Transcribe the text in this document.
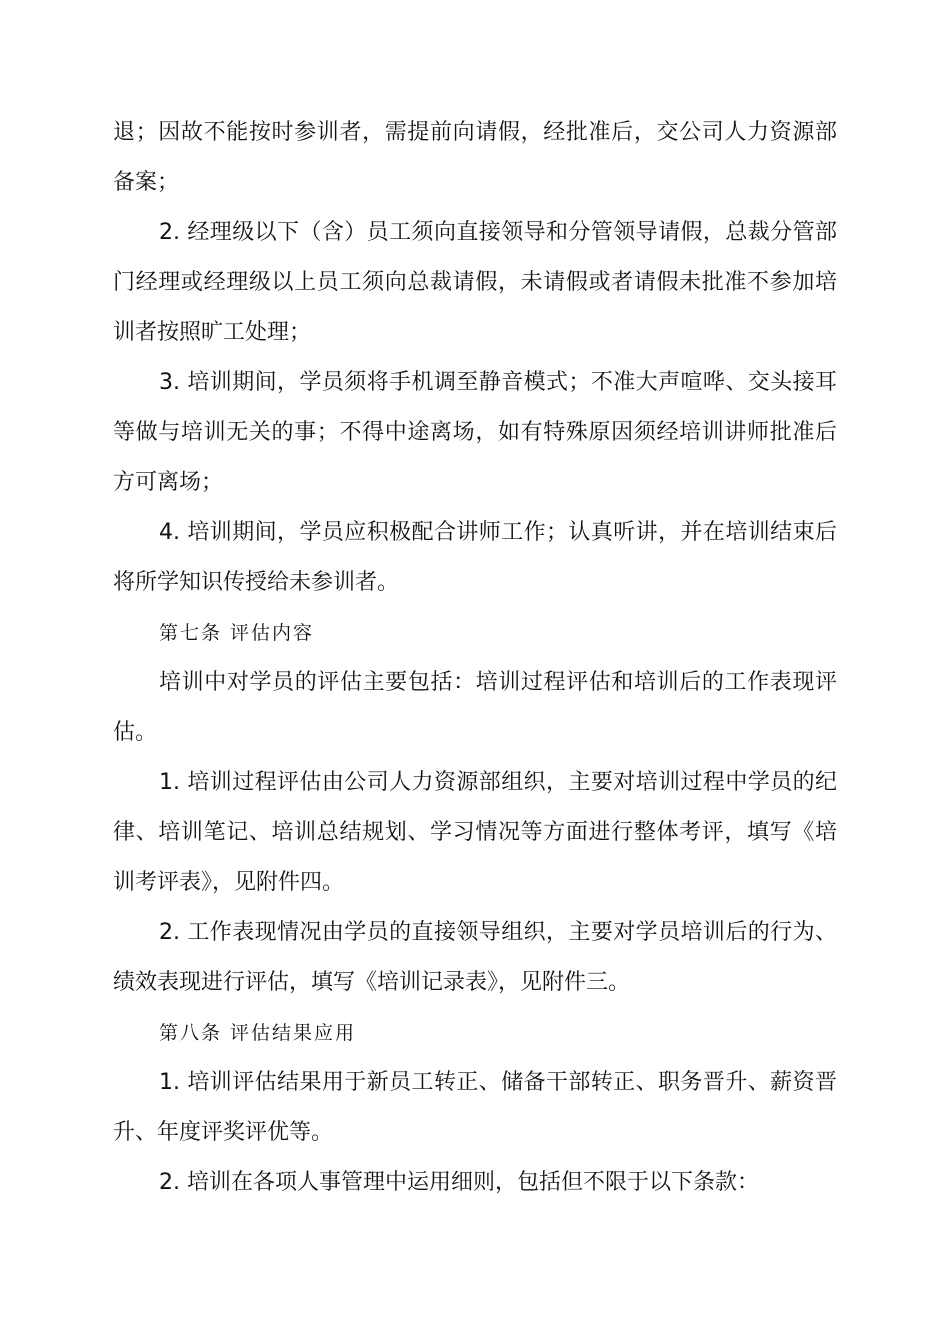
退；因故不能按时参训者，需提前向请假，经批准后，交公司人力资源部备案；

2. 经理级以下（含）员工须向直接领导和分管领导请假，总裁分管部门经理或经理级以上员工须向总裁请假，未请假或者请假未批准不参加培训者按照旷工处理；

3. 培训期间，学员须将手机调至静音模式；不准大声喧哗、交头接耳等做与培训无关的事；不得中途离场，如有特殊原因须经培训讲师批准后方可离场；

4. 培训期间，学员应积极配合讲师工作；认真听讲，并在培训结束后将所学知识传授给未参训者。

第七条 评估内容

培训中对学员的评估主要包括：培训过程评估和培训后的工作表现评估。

1. 培训过程评估由公司人力资源部组织，主要对培训过程中学员的纪律、培训笔记、培训总结规划、学习情况等方面进行整体考评，填写《培训考评表》，见附件四。

2. 工作表现情况由学员的直接领导组织，主要对学员培训后的行为、绩效表现进行评估，填写《培训记录表》，见附件三。

第八条 评估结果应用

1. 培训评估结果用于新员工转正、储备干部转正、职务晋升、薪资晋升、年度评奖评优等。

2. 培训在各项人事管理中运用细则，包括但不限于以下条款：
